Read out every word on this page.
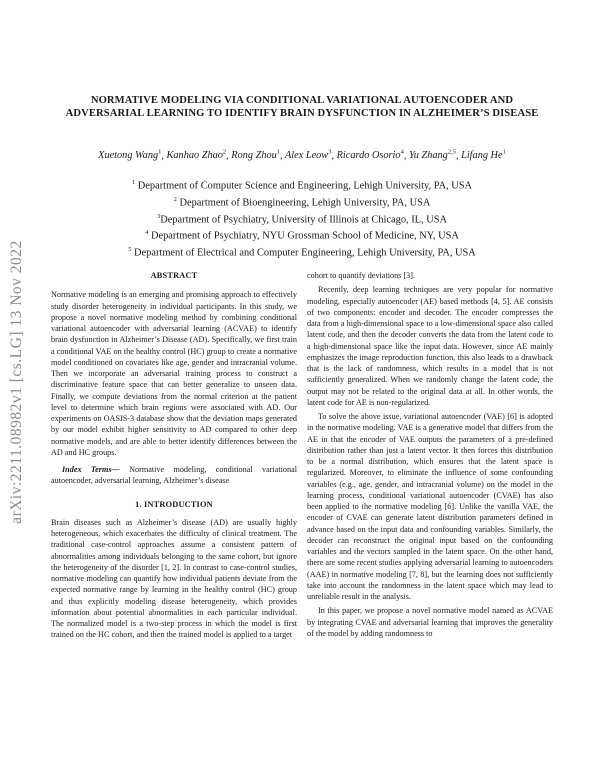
arXiv:2211.08982v1 [cs.LG] 13 Nov 2022
NORMATIVE MODELING VIA CONDITIONAL VARIATIONAL AUTOENCODER AND ADVERSARIAL LEARNING TO IDENTIFY BRAIN DYSFUNCTION IN ALZHEIMER’S DISEASE
Xuetong Wang$^1$, Kanhao Zhao$^2$, Rong Zhou$^1$, Alex Leow$^3$, Ricardo Osorio$^4$, Yu Zhang$^{2,5}$, Lifang He$^1$
$^1$ Department of Computer Science and Engineering, Lehigh University, PA, USA
$^2$ Department of Bioengineering, Lehigh University, PA, USA
$^3$Department of Psychiatry, University of Illinois at Chicago, IL, USA
$^4$ Department of Psychiatry, NYU Grossman School of Medicine, NY, USA
$^5$ Department of Electrical and Computer Engineering, Lehigh University, PA, USA
ABSTRACT

Normative modeling is an emerging and promising approach to effectively study disorder heterogeneity in individual participants. In this study, we propose a novel normative modeling method by combining conditional variational autoencoder with adversarial learning (ACVAE) to identify brain dysfunction in Alzheimer’s Disease (AD). Specifically, we first train a conditional VAE on the healthy control (HC) group to create a normative model conditioned on covariates like age, gender and intracranial volume. Then we incorporate an adversarial training process to construct a discriminative feature space that can better generalize to unseen data. Finally, we compute deviations from the normal criterion at the patient level to determine which brain regions were associated with AD. Our experiments on OASIS-3 database show that the deviation maps generated by our model exhibit higher sensitivity to AD compared to other deep normative models, and are able to better identify differences between the AD and HC groups.

Index Terms— Normative modeling, conditional variational autoencoder, adversarial learning, Alzheimer’s disease

1. INTRODUCTION

Brain diseases such as Alzheimer’s disease (AD) are usually highly heterogeneous, which exacerbates the difficulty of clinical treatment. The traditional case-control approaches assume a consistent pattern of abnormalities among individuals belonging to the same cohort, but ignore the heterogeneity of the disorder [1, 2]. In contrast to case-control studies, normative modeling can quantify how individual patients deviate from the expected normative range by learning in the healthy control (HC) group and thus explicitly modeling disease heterogeneity, which provides information about potential abnormalities in each particular individual. The normalized model is a two-step process in which the model is first trained on the HC cohort, and then the trained model is applied to a target

cohort to quantify deviations [3].

Recently, deep learning techniques are very popular for normative modeling, especially autoencoder (AE) based methods [4, 5]. AE consists of two components: encoder and decoder. The encoder compresses the data from a high-dimensional space to a low-dimensional space also called latent code, and then the decoder converts the data from the latent code to a high-dimensional space like the input data. However, since AE mainly emphasizes the image reproduction function, this also leads to a drawback that is the lack of randomness, which results in a model that is not sufficiently generalized. When we randomly change the latent code, the output may not be related to the original data at all. In other words, the latent code for AE is non-regularized.

To solve the above issue, variational autoencoder (VAE) [6] is adopted in the normative modeling. VAE is a generative model that differs from the AE in that the encoder of VAE outputs the parameters of a pre-defined distribution rather than just a latent vector. It then forces this distribution to be a normal distribution, which ensures that the latent space is regularized. Moreover, to eliminate the influence of some confounding variables (e.g., age, gender, and intracranial volume) on the model in the learning process, conditional variational autoencoder (CVAE) has also been applied to the normative modeling [6]. Unlike the vanilla VAE, the encoder of CVAE can generate latent distribution parameters defined in advance based on the input data and confounding variables. Similarly, the decoder can reconstruct the original input based on the confounding variables and the vectors sampled in the latent space. On the other hand, there are some recent studies applying adversarial learning to autoencoders (AAE) in normative modeling [7, 8], but the learning does not sufficiently take into account the randomness in the latent space which may lead to unreliable result in the analysis.

In this paper, we propose a novel normative model named as ACVAE by integrating CVAE and adversarial learning that improves the generality of the model by adding randomness to
